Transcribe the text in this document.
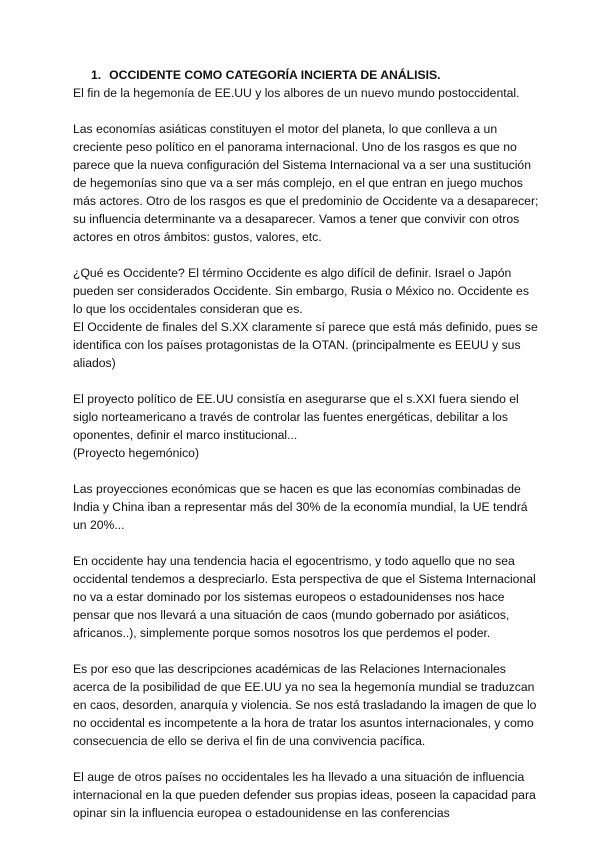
1. OCCIDENTE COMO CATEGORÍA INCIERTA DE ANÁLISIS.

El fin de la hegemonía de EE.UU y los albores de un nuevo mundo postoccidental.

Las economías asiáticas constituyen el motor del planeta, lo que conlleva a un creciente peso político en el panorama internacional. Uno de los rasgos es que no parece que la nueva configuración del Sistema Internacional va a ser una sustitución de hegemonías sino que va a ser más complejo, en el que entran en juego muchos más actores. Otro de los rasgos es que el predominio de Occidente va a desaparecer; su influencia determinante va a desaparecer. Vamos a tener que convivir con otros actores en otros ámbitos: gustos, valores, etc.

¿Qué es Occidente? El término Occidente es algo difícil de definir. Israel o Japón pueden ser considerados Occidente. Sin embargo, Rusia o México no. Occidente es lo que los occidentales consideran que es.

El Occidente de finales del S.XX claramente sí parece que está más definido, pues se identifica con los países protagonistas de la OTAN. (principalmente es EEUU y sus aliados)

El proyecto político de EE.UU consistía en asegurarse que el s.XXI fuera siendo el siglo norteamericano a través de controlar las fuentes energéticas, debilitar a los oponentes, definir el marco institucional...

(Proyecto hegemónico)

Las proyecciones económicas que se hacen es que las economías combinadas de India y China iban a representar más del 30% de la economía mundial, la UE tendrá un 20%...

En occidente hay una tendencia hacia el egocentrismo, y todo aquello que no sea occidental tendemos a despreciarlo. Esta perspectiva de que el Sistema Internacional no va a estar dominado por los sistemas europeos o estadounidenses nos hace pensar que nos llevará a una situación de caos (mundo gobernado por asiáticos, africanos..), simplemente porque somos nosotros los que perdemos el poder.

Es por eso que las descripciones académicas de las Relaciones Internacionales acerca de la posibilidad de que EE.UU ya no sea la hegemonía mundial se traduzcan en caos, desorden, anarquía y violencia. Se nos está trasladando la imagen de que lo no occidental es incompetente a la hora de tratar los asuntos internacionales, y como consecuencia de ello se deriva el fin de una convivencia pacífica.

El auge de otros países no occidentales les ha llevado a una situación de influencia internacional en la que pueden defender sus propias ideas, poseen la capacidad para opinar sin la influencia europea o estadounidense en las conferencias
